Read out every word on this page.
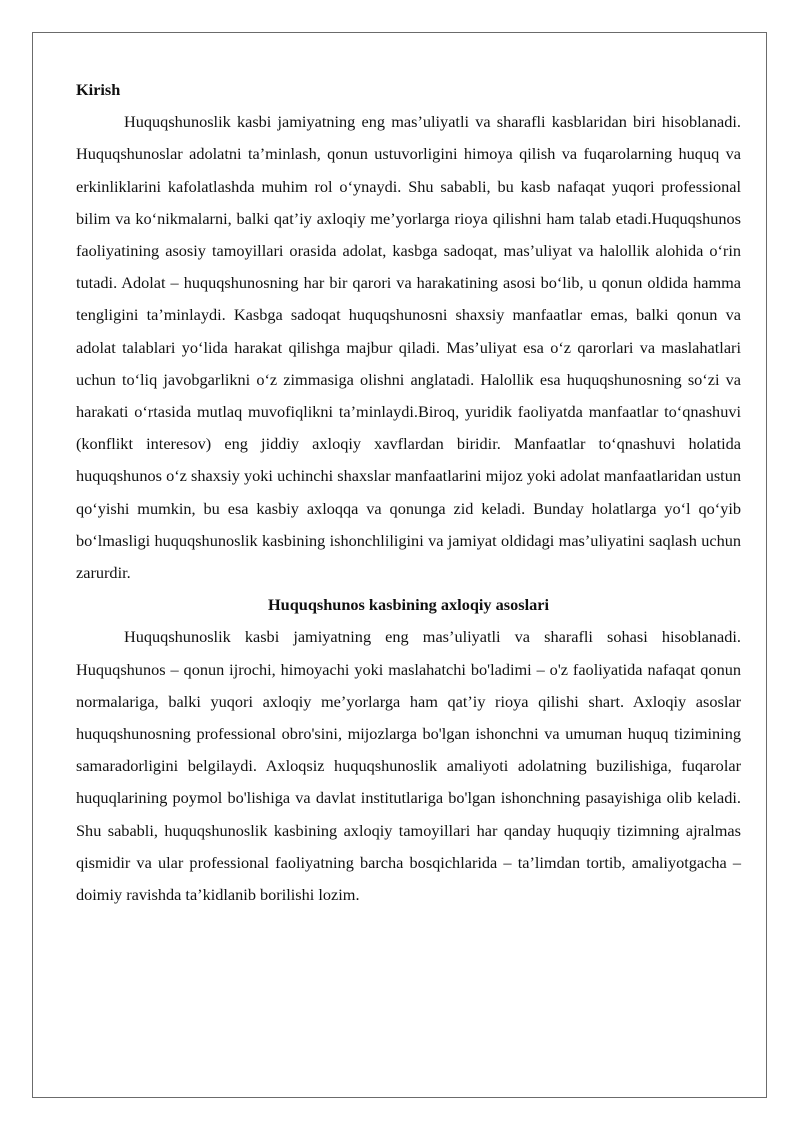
Kirish

Huquqshunoslik kasbi jamiyatning eng mas’uliyatli va sharafli kasblaridan biri hisoblanadi. Huquqshunoslar adolatni ta’minlash, qonun ustuvorligini himoya qilish va fuqarolarning huquq va erkinliklarini kafolatlashda muhim rol o‘ynaydi. Shu sababli, bu kasb nafaqat yuqori professional bilim va ko‘nikmalarni, balki qat’iy axloqiy me’yorlarga rioya qilishni ham talab etadi.Huquqshunos faoliyatining asosiy tamoyillari orasida adolat, kasbga sadoqat, mas’uliyat va halollik alohida o‘rin tutadi. Adolat – huquqshunosning har bir qarori va harakatining asosi bo‘lib, u qonun oldida hamma tengligini ta’minlaydi. Kasbga sadoqat huquqshunosni shaxsiy manfaatlar emas, balki qonun va adolat talablari yo‘lida harakat qilishga majbur qiladi. Mas’uliyat esa o‘z qarorlari va maslahatlari uchun to‘liq javobgarlikni o‘z zimmasiga olishni anglatadi. Halollik esa huquqshunosning so‘zi va harakati o‘rtasida mutlaq muvofiqlikni ta’minlaydi.Biroq, yuridik faoliyatda manfaatlar to‘qnashuvi (konflikt interesov) eng jiddiy axloqiy xavflardan biridir. Manfaatlar to‘qnashuvi holatida huquqshunos o‘z shaxsiy yoki uchinchi shaxslar manfaatlarini mijoz yoki adolat manfaatlaridan ustun qo‘yishi mumkin, bu esa kasbiy axloqqa va qonunga zid keladi. Bunday holatlarga yo‘l qo‘yib bo‘lmasligi huquqshunoslik kasbining ishonchliligini va jamiyat oldidagi mas’uliyatini saqlash uchun zarurdir.

Huquqshunos kasbining axloqiy asoslari

Huquqshunoslik kasbi jamiyatning eng mas’uliyatli va sharafli sohasi hisoblanadi. Huquqshunos – qonun ijrochi, himoyachi yoki maslahatchi bo'ladimi – o'z faoliyatida nafaqat qonun normalariga, balki yuqori axloqiy me’yorlarga ham qat’iy rioya qilishi shart. Axloqiy asoslar huquqshunosning professional obro'sini, mijozlarga bo'lgan ishonchni va umuman huquq tizimining samaradorligini belgilaydi. Axloqsiz huquqshunoslik amaliyoti adolatning buzilishiga, fuqarolar huquqlarining poymol bo'lishiga va davlat institutlariga bo'lgan ishonchning pasayishiga olib keladi. Shu sababli, huquqshunoslik kasbining axloqiy tamoyillari har qanday huquqiy tizimning ajralmas qismidir va ular professional faoliyatning barcha bosqichlarida – ta’limdan tortib, amaliyotgacha – doimiy ravishda ta’kidlanib borilishi lozim.
